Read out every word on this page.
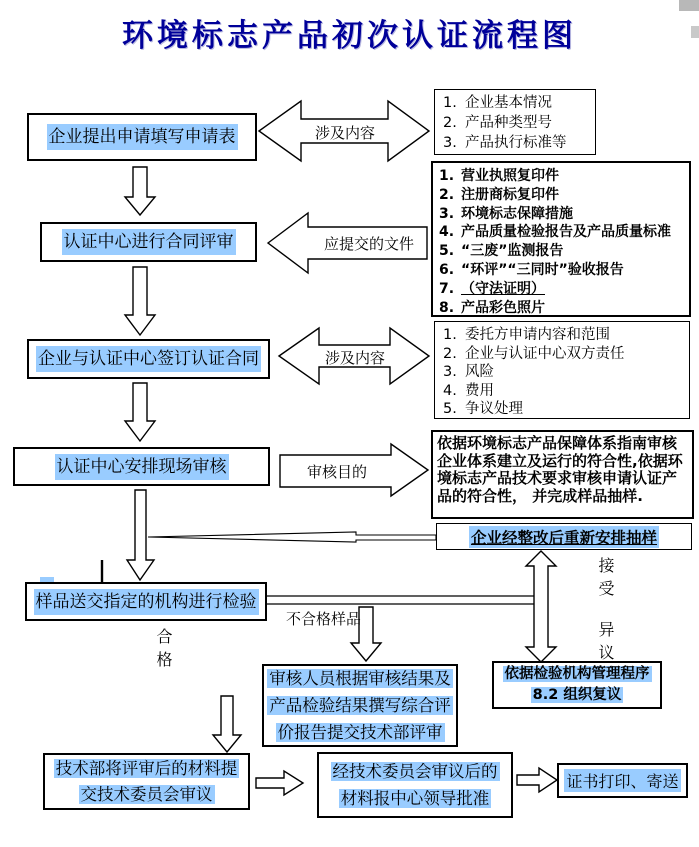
环境标志产品初次认证流程图
企业提出申请填写申请表
认证中心进行合同评审
企业与认证中心签订认证合同
认证中心安排现场审核
样品送交指定的机构进行检验
企业经整改后重新安排抽样
审核人员根据审核结果及
产品检验结果撰写综合评
价报告提交技术部评审
依据检验机构管理程序
8.2 组织复议
技术部将评审后的材料提
交技术委员会审议
经技术委员会审议后的
材料报中心领导批准
证书打印、寄送
1. 企业基本情况
2. 产品种类型号
3. 产品执行标准等
1. 营业执照复印件
2. 注册商标复印件
3. 环境标志保障措施
4. 产品质量检验报告及产品质量标准
5. “三废”监测报告
6. “环评”“三同时”验收报告
7. （守法证明）
8. 产品彩色照片
1. 委托方申请内容和范围
2. 企业与认证中心双方责任
3. 风险
4. 费用
5. 争议处理
依据环境标志产品保障体系指南审核企业体系建立及运行的符合性,依据环境标志产品技术要求审核申请认证产品的符合性， 并完成样品抽样.
涉及内容
应提交的文件
涉及内容
审核目的
不合格样品
合格
接受
异议
